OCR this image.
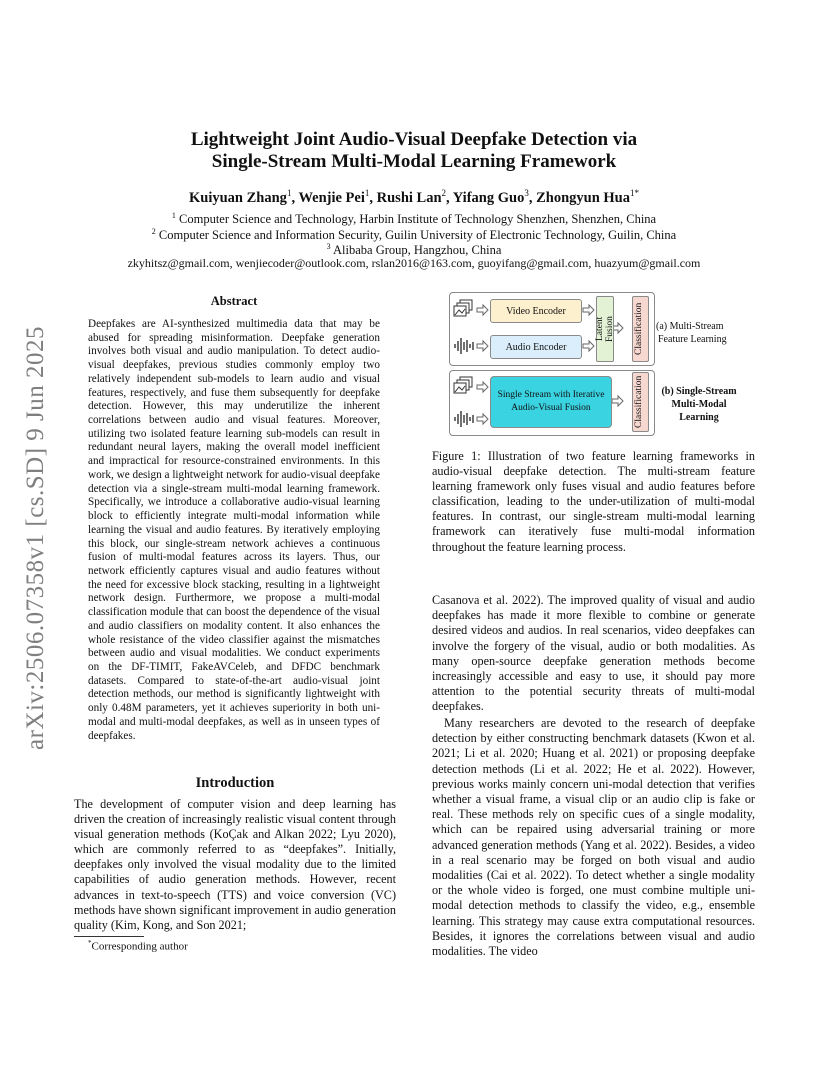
arXiv:2506.07358v1 [cs.SD] 9 Jun 2025
Lightweight Joint Audio-Visual Deepfake Detection via
Single-Stream Multi-Modal Learning Framework
Kuiyuan Zhang$^1$, Wenjie Pei$^1$, Rushi Lan$^2$, Yifang Guo$^3$, Zhongyun Hua$^{1*}$
$^1$ Computer Science and Technology, Harbin Institute of Technology Shenzhen, Shenzhen, China
$^2$ Computer Science and Information Security, Guilin University of Electronic Technology, Guilin, China
$^3$ Alibaba Group, Hangzhou, China
zkyhitsz@gmail.com, wenjiecoder@outlook.com, rslan2016@163.com, guoyifang@gmail.com, huazyum@gmail.com
Abstract
Deepfakes are AI-synthesized multimedia data that may be abused for spreading misinformation. Deepfake generation involves both visual and audio manipulation. To detect audio-visual deepfakes, previous studies commonly employ two relatively independent sub-models to learn audio and visual features, respectively, and fuse them subsequently for deepfake detection. However, this may underutilize the inherent correlations between audio and visual features. Moreover, utilizing two isolated feature learning sub-models can result in redundant neural layers, making the overall model inefficient and impractical for resource-constrained environments. In this work, we design a lightweight network for audio-visual deepfake detection via a single-stream multi-modal learning framework. Specifically, we introduce a collaborative audio-visual learning block to efficiently integrate multi-modal information while learning the visual and audio features. By iteratively employing this block, our single-stream network achieves a continuous fusion of multi-modal features across its layers. Thus, our network efficiently captures visual and audio features without the need for excessive block stacking, resulting in a lightweight network design. Furthermore, we propose a multi-modal classification module that can boost the dependence of the visual and audio classifiers on modality content. It also enhances the whole resistance of the video classifier against the mismatches between audio and visual modalities. We conduct experiments on the DF-TIMIT, FakeAVCeleb, and DFDC benchmark datasets. Compared to state-of-the-art audio-visual joint detection methods, our method is significantly lightweight with only 0.48M parameters, yet it achieves superiority in both uni-modal and multi-modal deepfakes, as well as in unseen types of deepfakes.
Introduction
The development of computer vision and deep learning has driven the creation of increasingly realistic visual content through visual generation methods (KoÇak and Alkan 2022; Lyu 2020), which are commonly referred to as “deepfakes”. Initially, deepfakes only involved the visual modality due to the limited capabilities of audio generation methods. However, recent advances in text-to-speech (TTS) and voice conversion (VC) methods have shown significant improvement in audio generation quality (Kim, Kong, and Son 2021;
*Corresponding author
Video Encoder
Audio Encoder
Latent
Fusion Classification
Single Stream with Iterative
Audio-Visual Fusion	Classification
(a) Multi-Stream
Feature Learning
(b) Single-Stream
Multi-Modal
Learning
Figure 1: Illustration of two feature learning frameworks in audio-visual deepfake detection. The multi-stream feature learning framework only fuses visual and audio features before classification, leading to the under-utilization of multi-modal features. In contrast, our single-stream multi-modal learning framework can iteratively fuse multi-modal information throughout the feature learning process.
Casanova et al. 2022). The improved quality of visual and audio deepfakes has made it more flexible to combine or generate desired videos and audios. In real scenarios, video deepfakes can involve the forgery of the visual, audio or both modalities. As many open-source deepfake generation methods become increasingly accessible and easy to use, it should pay more attention to the potential security threats of multi-modal deepfakes.
Many researchers are devoted to the research of deepfake detection by either constructing benchmark datasets (Kwon et al. 2021; Li et al. 2020; Huang et al. 2021) or proposing deepfake detection methods (Li et al. 2022; He et al. 2022). However, previous works mainly concern uni-modal detection that verifies whether a visual frame, a visual clip or an audio clip is fake or real. These methods rely on specific cues of a single modality, which can be repaired using adversarial training or more advanced generation methods (Yang et al. 2022). Besides, a video in a real scenario may be forged on both visual and audio modalities (Cai et al. 2022). To detect whether a single modality or the whole video is forged, one must combine multiple uni-modal detection methods to classify the video, e.g., ensemble learning. This strategy may cause extra computational resources. Besides, it ignores the correlations between visual and audio modalities. The video
